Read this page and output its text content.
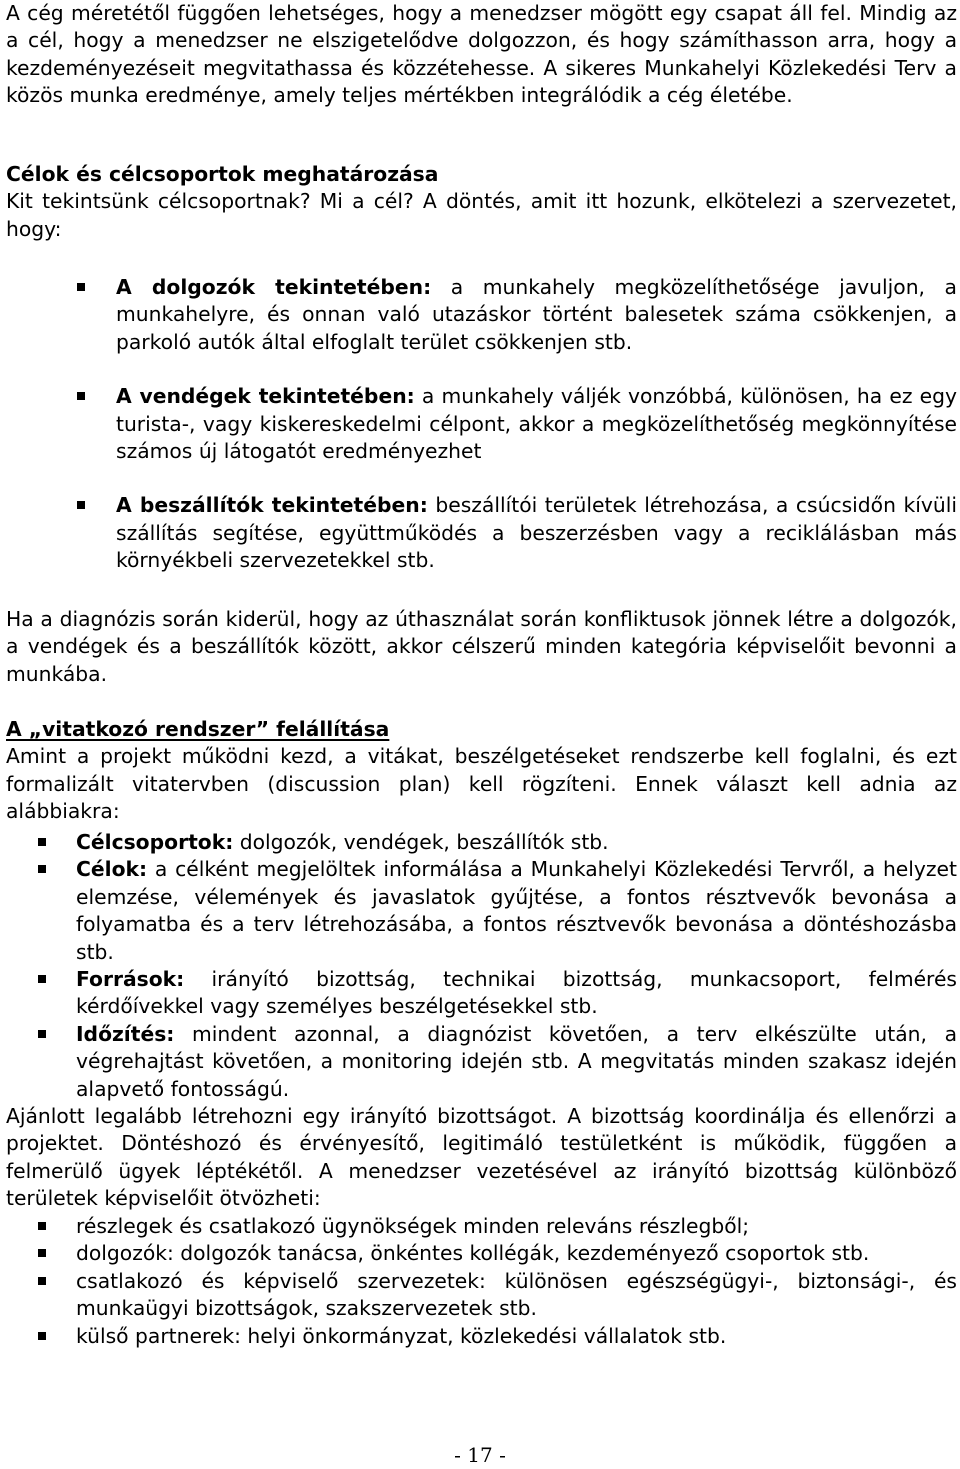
A cég méretétől függően lehetséges, hogy a menedzser mögött egy csapat áll fel. Mindig az a cél, hogy a menedzser ne elszigetelődve dolgozzon, és hogy számíthasson arra, hogy a kezdeményezéseit megvitathassa és közzétehesse. A sikeres Munkahelyi Közlekedési Terv a közös munka eredménye, amely teljes mértékben integrálódik a cég életébe.

Célok és célcsoportok meghatározása

Kit tekintsünk célcsoportnak? Mi a cél? A döntés, amit itt hozunk, elkötelezi a szervezetet, hogy:

A dolgozók tekintetében: a munkahely megközelíthetősége javuljon, a munkahelyre, és onnan való utazáskor történt balesetek száma csökkenjen, a parkoló autók által elfoglalt terület csökkenjen stb.

A vendégek tekintetében: a munkahely váljék vonzóbbá, különösen, ha ez egy turista-, vagy kiskereskedelmi célpont, akkor a megközelíthetőség megkönnyítése számos új látogatót eredményezhet

A beszállítók tekintetében: beszállítói területek létrehozása, a csúcsidőn kívüli szállítás segítése, együttműködés a beszerzésben vagy a reciklálásban más környékbeli szervezetekkel stb.

Ha a diagnózis során kiderül, hogy az úthasználat során konfliktusok jönnek létre a dolgozók, a vendégek és a beszállítók között, akkor célszerű minden kategória képviselőit bevonni a munkába.

A „vitatkozó rendszer” felállítása

Amint a projekt működni kezd, a vitákat, beszélgetéseket rendszerbe kell foglalni, és ezt formalizált vitatervben (discussion plan) kell rögzíteni. Ennek választ kell adnia az alábbiakra:

Célcsoportok: dolgozók, vendégek, beszállítók stb.

Célok: a célként megjelöltek informálása a Munkahelyi Közlekedési Tervről, a helyzet elemzése, vélemények és javaslatok gyűjtése, a fontos résztvevők bevonása a folyamatba és a terv létrehozásába, a fontos résztvevők bevonása a döntéshozásba stb.

Források: irányító bizottság, technikai bizottság, munkacsoport, felmérés kérdőívekkel vagy személyes beszélgetésekkel stb.

Időzítés: mindent azonnal, a diagnózist követően, a terv elkészülte után, a végrehajtást követően, a monitoring idején stb. A megvitatás minden szakasz idején alapvető fontosságú.

Ajánlott legalább létrehozni egy irányító bizottságot. A bizottság koordinálja és ellenőrzi a projektet. Döntéshozó és érvényesítő, legitimáló testületként is működik, függően a felmerülő ügyek léptékétől. A menedzser vezetésével az irányító bizottság különböző területek képviselőit ötvözheti:

részlegek és csatlakozó ügynökségek minden releváns részlegből;

dolgozók: dolgozók tanácsa, önkéntes kollégák, kezdeményező csoportok stb.

csatlakozó és képviselő szervezetek: különösen egészségügyi-, biztonsági-, és munkaügyi bizottságok, szakszervezetek stb.

külső partnerek: helyi önkormányzat, közlekedési vállalatok stb.

- 17 -
